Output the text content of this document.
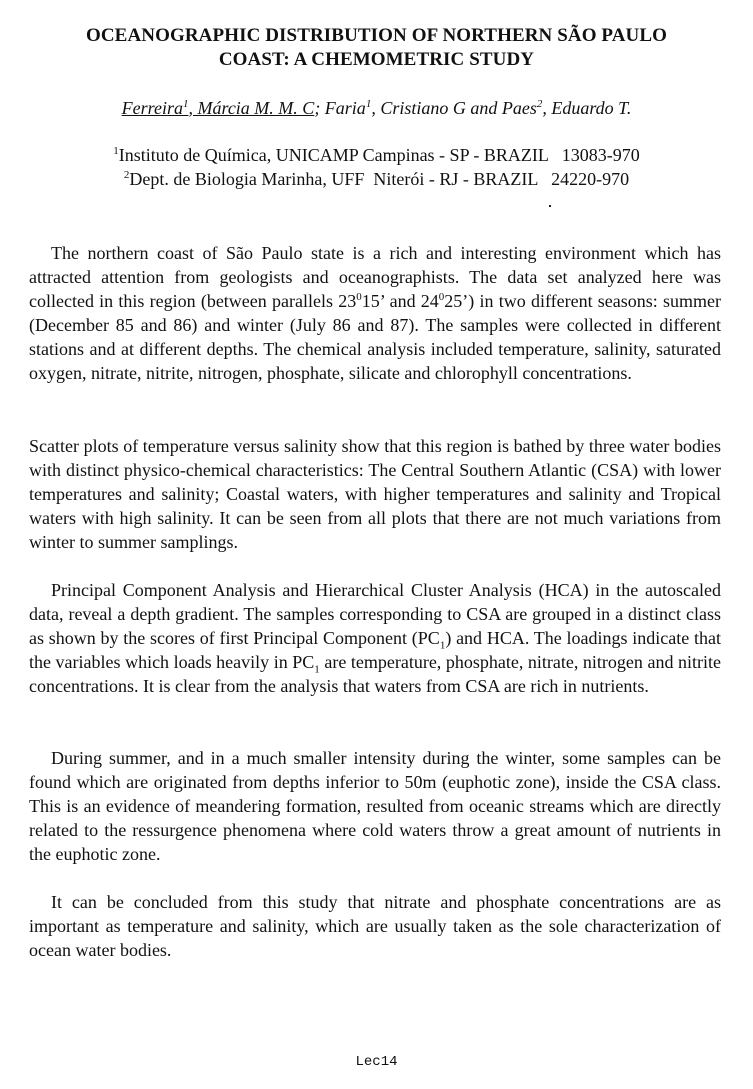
OCEANOGRAPHIC DISTRIBUTION OF NORTHERN SÃO PAULO
COAST: A CHEMOMETRIC STUDY
Ferreira$^1$, Márcia M. M. C; Faria$^1$, Cristiano G and Paes$^2$, Eduardo T.
$^1$Instituto de Química, UNICAMP Campinas - SP - BRAZIL   13083-970
$^2$Dept. de Biologia Marinha, UFF  Niterói - RJ - BRAZIL   24220-970

The northern coast of São Paulo state is a rich and interesting environment which has attracted attention from geologists and oceanographists. The data set analyzed here was collected in this region (between parallels $23^015$’ and $24^025$’) in two different seasons: summer (December 85 and 86) and winter (July 86 and 87). The samples were collected in different stations and at different depths. The chemical analysis included temperature, salinity, saturated oxygen, nitrate, nitrite, nitrogen, phosphate, silicate and chlorophyll concentrations.

Scatter plots of temperature versus salinity show that this region is bathed by three water bodies with distinct physico-chemical characteristics: The Central Southern Atlantic (CSA) with lower temperatures and salinity; Coastal waters, with higher temperatures and salinity and Tropical waters with high salinity. It can be seen from all plots that there are not much variations from winter to summer samplings.

Principal Component Analysis and Hierarchical Cluster Analysis (HCA) in the autoscaled data, reveal a depth gradient. The samples corresponding to CSA are grouped in a distinct class as shown by the scores of first Principal Component $(PC_1)$ and HCA. The loadings indicate that the variables which loads heavily in $PC_1$ are temperature, phosphate, nitrate, nitrogen and nitrite concentrations. It is clear from the analysis that waters from CSA are rich in nutrients.

During summer, and in a much smaller intensity during the winter, some samples can be found which are originated from depths inferior to 50m (euphotic zone), inside the CSA class. This is an evidence of meandering formation, resulted from oceanic streams which are directly related to the ressurgence phenomena where cold waters throw a great amount of nutrients in the euphotic zone.

It can be concluded from this study that nitrate and phosphate concentrations are as important as temperature and salinity, which are usually taken as the sole characterization of ocean water bodies.

Lec14
